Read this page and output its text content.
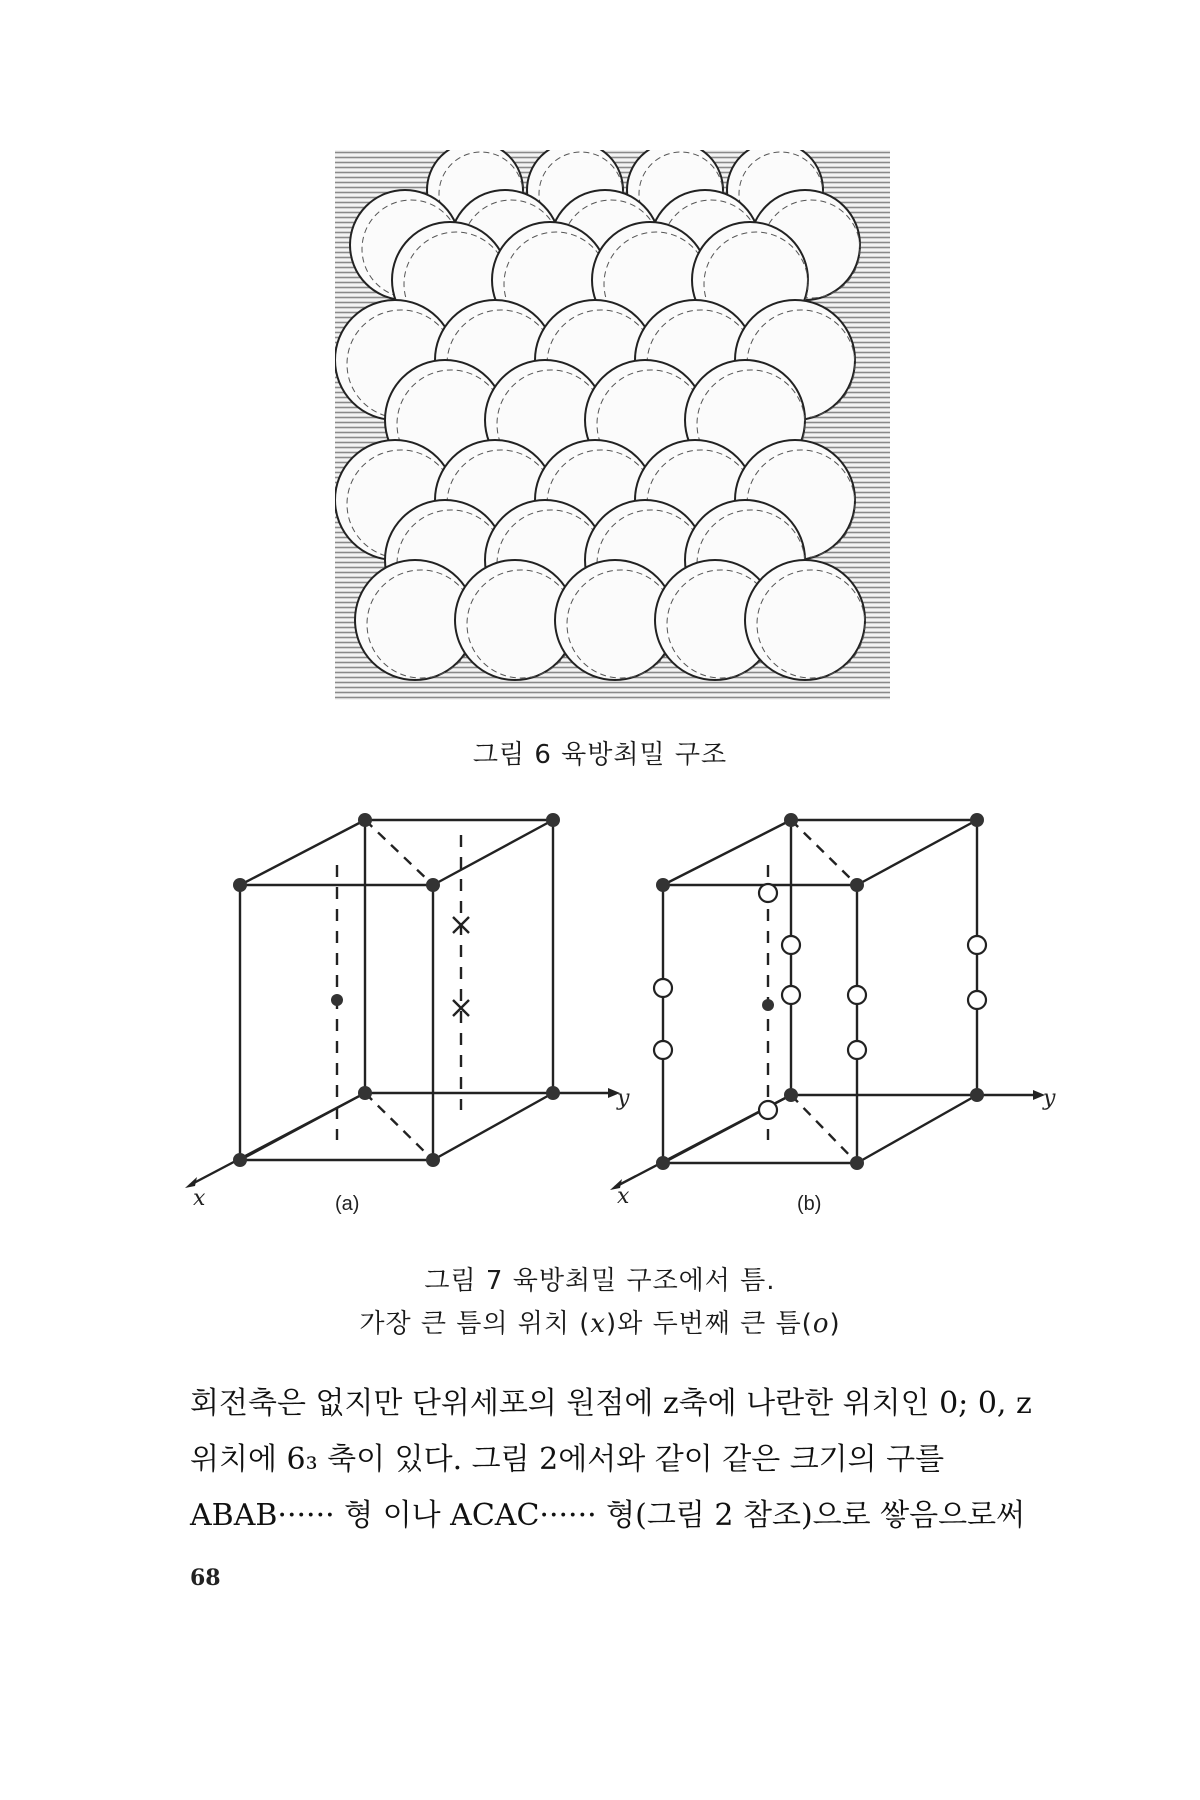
그림 6 육방최밀 구조
x
y
(a)	x
y
(b)
그림 7 육방최밀 구조에서 틈.
가장 큰 틈의 위치 (x)와 두번째 큰 틈(o)
회전축은 없지만 단위세포의 원점에 z축에 나란한 위치인 0; 0, z
위치에 6₃ 축이 있다. 그림 2에서와 같이 같은 크기의 구를
ABAB······ 형 이나 ACAC······ 형(그림 2 참조)으로 쌓음으로써
68
